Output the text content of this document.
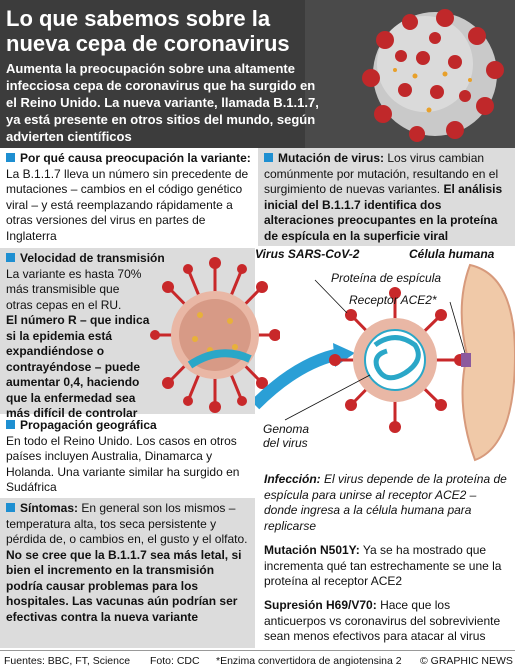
Lo que sabemos sobre la nueva cepa de coronavirus
Aumenta la preocupación sobre una altamente infecciosa cepa de coronavirus que ha surgido en el Reino Unido. La nueva variante, llamada B.1.1.7, ya está presente en otros sitios del mundo, según advierten científicos
Por qué causa preocupación la variante: La B.1.1.7 lleva un número sin precedente de mutaciones – cambios en el código genético viral – y está reemplazando rápidamente a otras versiones del virus en partes de Inglaterra
Mutación de virus: Los virus cambian comúnmente por mutación, resultando en el surgimiento de nuevas variantes. El análisis inicial del B.1.1.7 identifica dos alteraciones preocupantes en la proteína de espícula en la superficie viral
Velocidad de transmisión
La variante es hasta 70% más transmisible que otras cepas en el RU. El número R – que indica si la epidemia está expandiéndose o contrayéndose – puede aumentar 0,4, haciendo que la enfermedad sea más difícil de controlar
Virus SARS-CoV-2	Célula humana
Proteína de espícula
Receptor ACE2*
Genoma del virus
Propagación geográfica
En todo el Reino Unido. Los casos en otros países incluyen Australia, Dinamarca y Holanda. Una variante similar ha surgido en Sudáfrica
Síntomas: En general son los mismos – temperatura alta, tos seca persistente y pérdida de, o cambios en, el gusto y el olfato. No se cree que la B.1.1.7 sea más letal, si bien el incremento en la transmisión podría causar problemas para los hospitales. Las vacunas aún podrían ser efectivas contra la nueva variante
Infección: El virus depende de la proteína de espícula para unirse al receptor ACE2 – donde ingresa a la célula humana para replicarse
Mutación N501Y: Ya se ha mostrado que incrementa qué tan estrechamente se une la proteína al receptor ACE2
Supresión H69/V70: Hace que los anticuerpos vs coronavirus del sobreviviente sean menos efectivos para atacar al virus
Fuentes: BBC, FT, Science Foto: CDC *Enzima convertidora de angiotensina 2 © GRAPHIC NEWS
